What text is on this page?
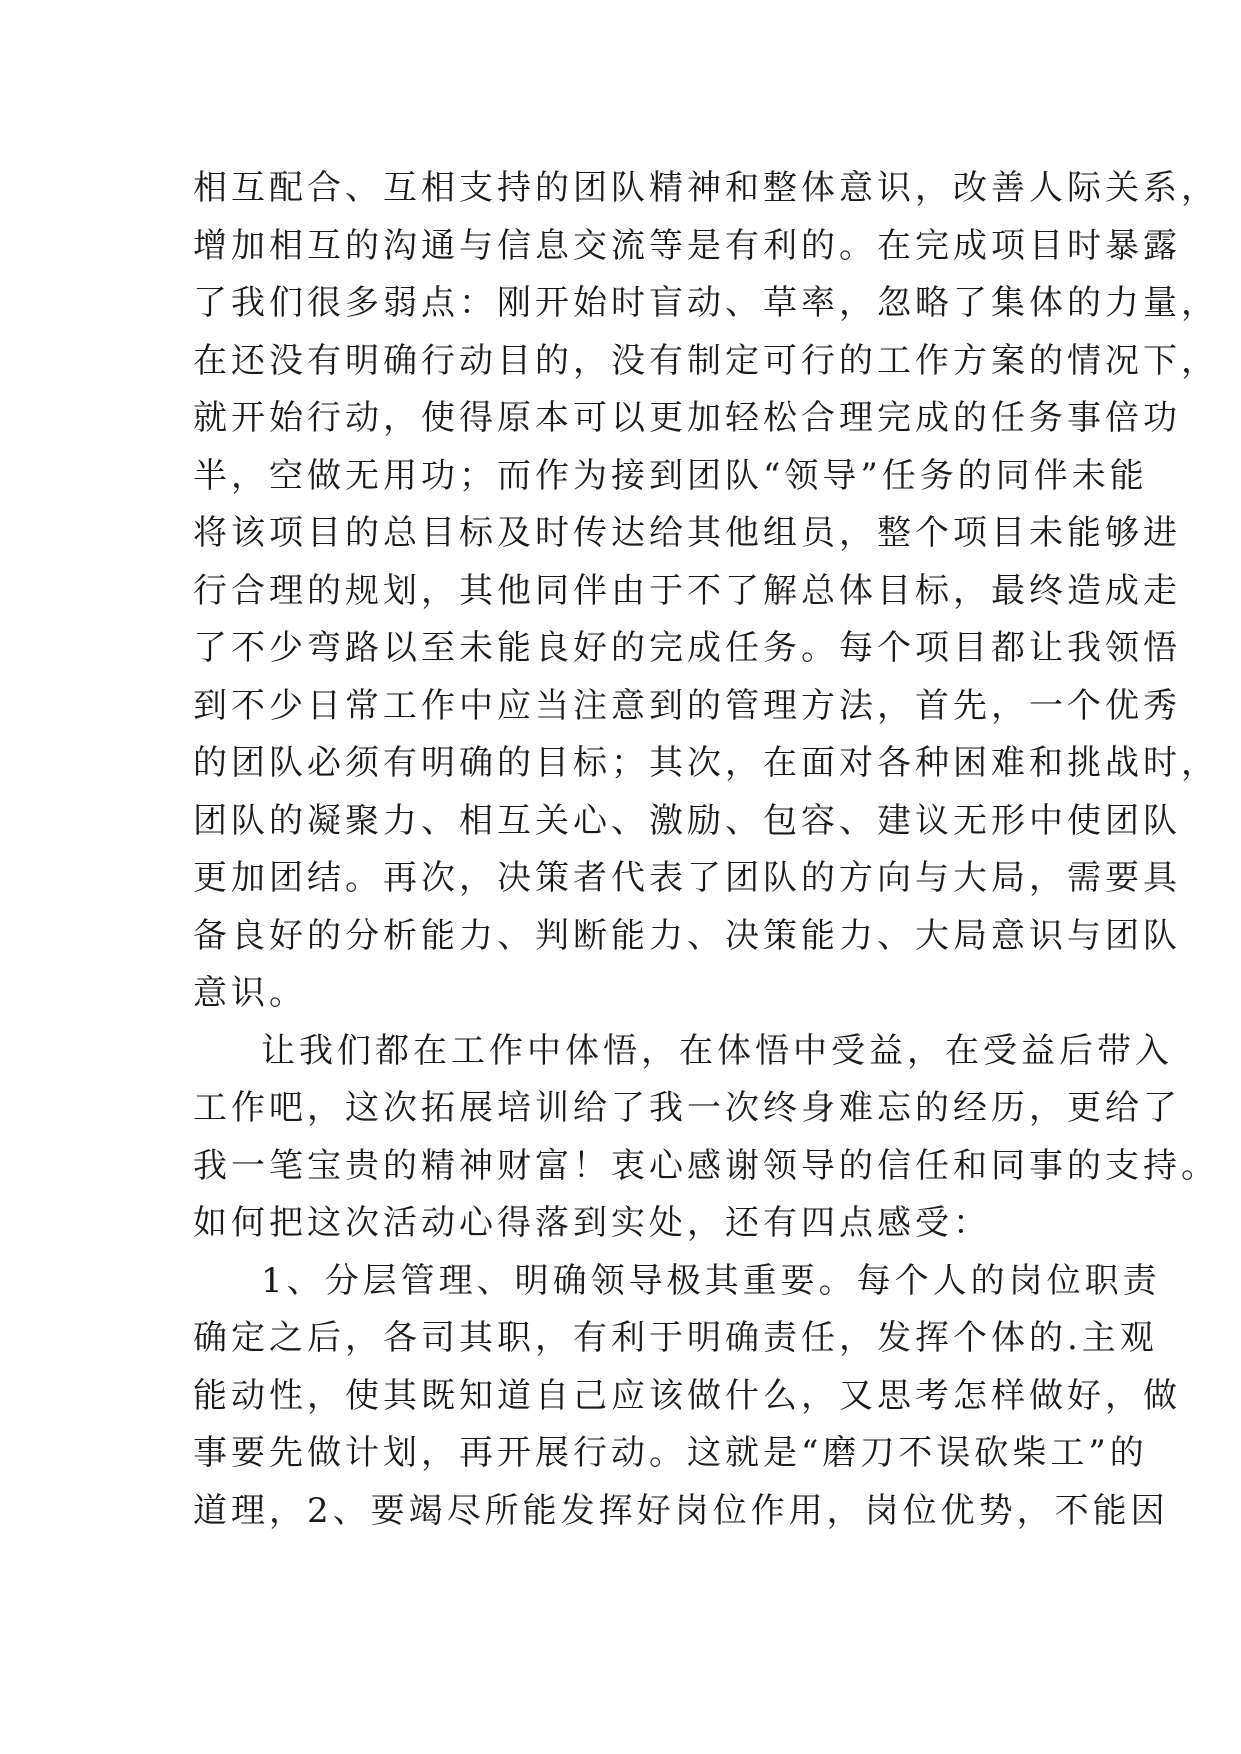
相互配合、互相支持的团队精神和整体意识，改善人际关系，
增加相互的沟通与信息交流等是有利的。在完成项目时暴露
了我们很多弱点：刚开始时盲动、草率，忽略了集体的力量，
在还没有明确行动目的，没有制定可行的工作方案的情况下，
就开始行动，使得原本可以更加轻松合理完成的任务事倍功
半，空做无用功；而作为接到团队“领导”任务的同伴未能
将该项目的总目标及时传达给其他组员，整个项目未能够进
行合理的规划，其他同伴由于不了解总体目标，最终造成走
了不少弯路以至未能良好的完成任务。每个项目都让我领悟
到不少日常工作中应当注意到的管理方法，首先，一个优秀
的团队必须有明确的目标；其次，在面对各种困难和挑战时，
团队的凝聚力、相互关心、激励、包容、建议无形中使团队
更加团结。再次，决策者代表了团队的方向与大局，需要具
备良好的分析能力、判断能力、决策能力、大局意识与团队
意识。
让我们都在工作中体悟，在体悟中受益，在受益后带入
工作吧，这次拓展培训给了我一次终身难忘的经历，更给了
我一笔宝贵的精神财富！衷心感谢领导的信任和同事的支持。
如何把这次活动心得落到实处，还有四点感受：
1、分层管理、明确领导极其重要。每个人的岗位职责
确定之后，各司其职，有利于明确责任，发挥个体的.主观
能动性，使其既知道自己应该做什么，又思考怎样做好，做
事要先做计划，再开展行动。这就是“磨刀不误砍柴工”的
道理，2、要竭尽所能发挥好岗位作用，岗位优势，不能因
